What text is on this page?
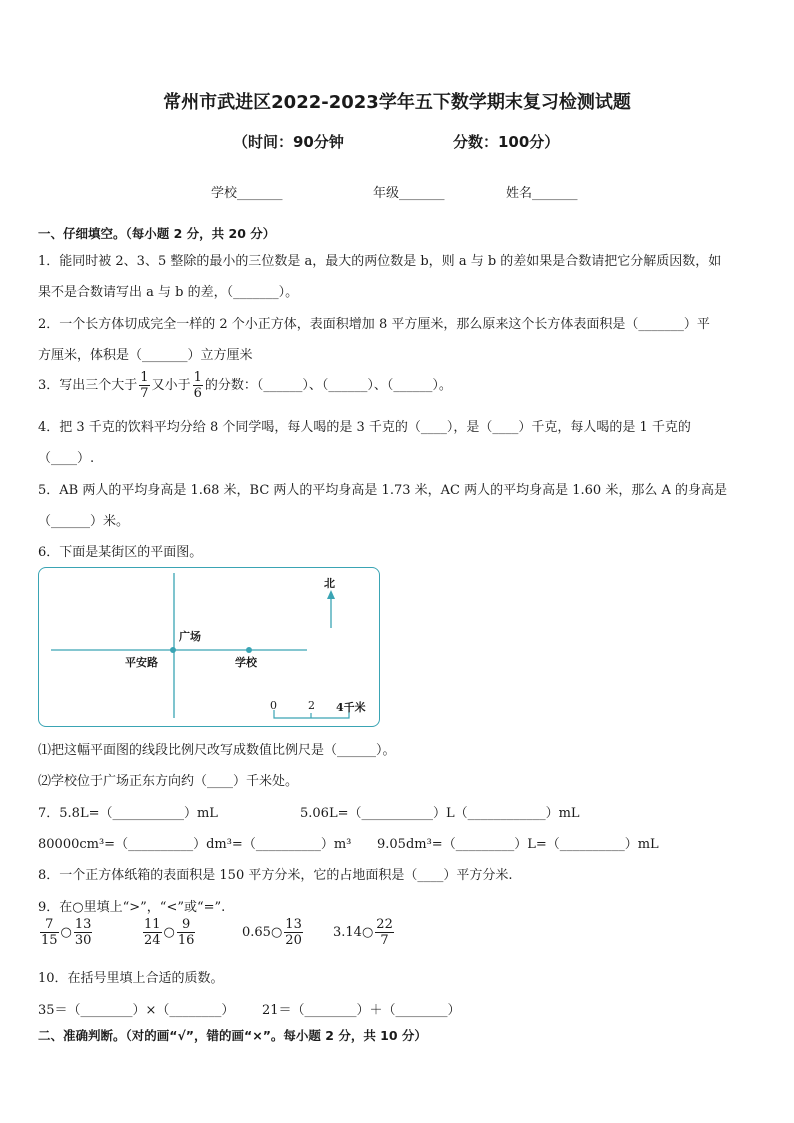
常州市武进区2022-2023学年五下数学期末复习检测试题
（时间：90分钟	分数：100分）
学校_______	年级_______	姓名_______
一、仔细填空。（每小题 2 分，共 20 分）
1．能同时被 2、3、5 整除的最小的三位数是 a，最大的两位数是 b，则 a 与 b 的差如果是合数请把它分解质因数，如
果不是合数请写出 a 与 b 的差，（_______）。
2．一个长方体切成完全一样的 2 个小正方体，表面积增加 8 平方厘米，那么原来这个长方体表面积是（_______）平
方厘米，体积是（_______）立方厘米
3．写出三个大于 $\frac{1}{7}$ 又小于 $\frac{1}{6}$ 的分数：（______）、（______）、（______）。
4．把 3 千克的饮料平均分给 8 个同学喝，每人喝的是 3 千克的（____），是（____）千克，每人喝的是 1 千克的
（____）.
5．AB 两人的平均身高是 1.68 米，BC 两人的平均身高是 1.73 米，AC 两人的平均身高是 1.60 米，那么 A 的身高是
（______）米。
6．下面是某街区的平面图。
北
广场
平安路	学校
0	2 4千米
⑴把这幅平面图的线段比例尺改写成数值比例尺是（______）。
⑵学校位于广场正东方向约（____）千米处。
7．5.8L=（___________）mL	5.06L=（___________）L（____________）mL
80000cm³=（__________）dm³=（__________）m³ 9.05dm³=（_________）L=（__________）mL
8．一个正方体纸箱的表面积是 150 平方分米，它的占地面积是（____）平方分米.
9．在○里填上“>”，“<”或“=”.
$\frac{7}{15}$ ○ $\frac{13}{30}$	$\frac{11}{24}$ ○ $\frac{9}{16}$	0.65○ $\frac{13}{20}$ 3.14○ $\frac{22}{7}$
10．在括号里填上合适的质数。
35＝（________）×（________） 21＝（________）＋（________）
二、准确判断。（对的画“√”，错的画“×”。每小题 2 分，共 10 分）
